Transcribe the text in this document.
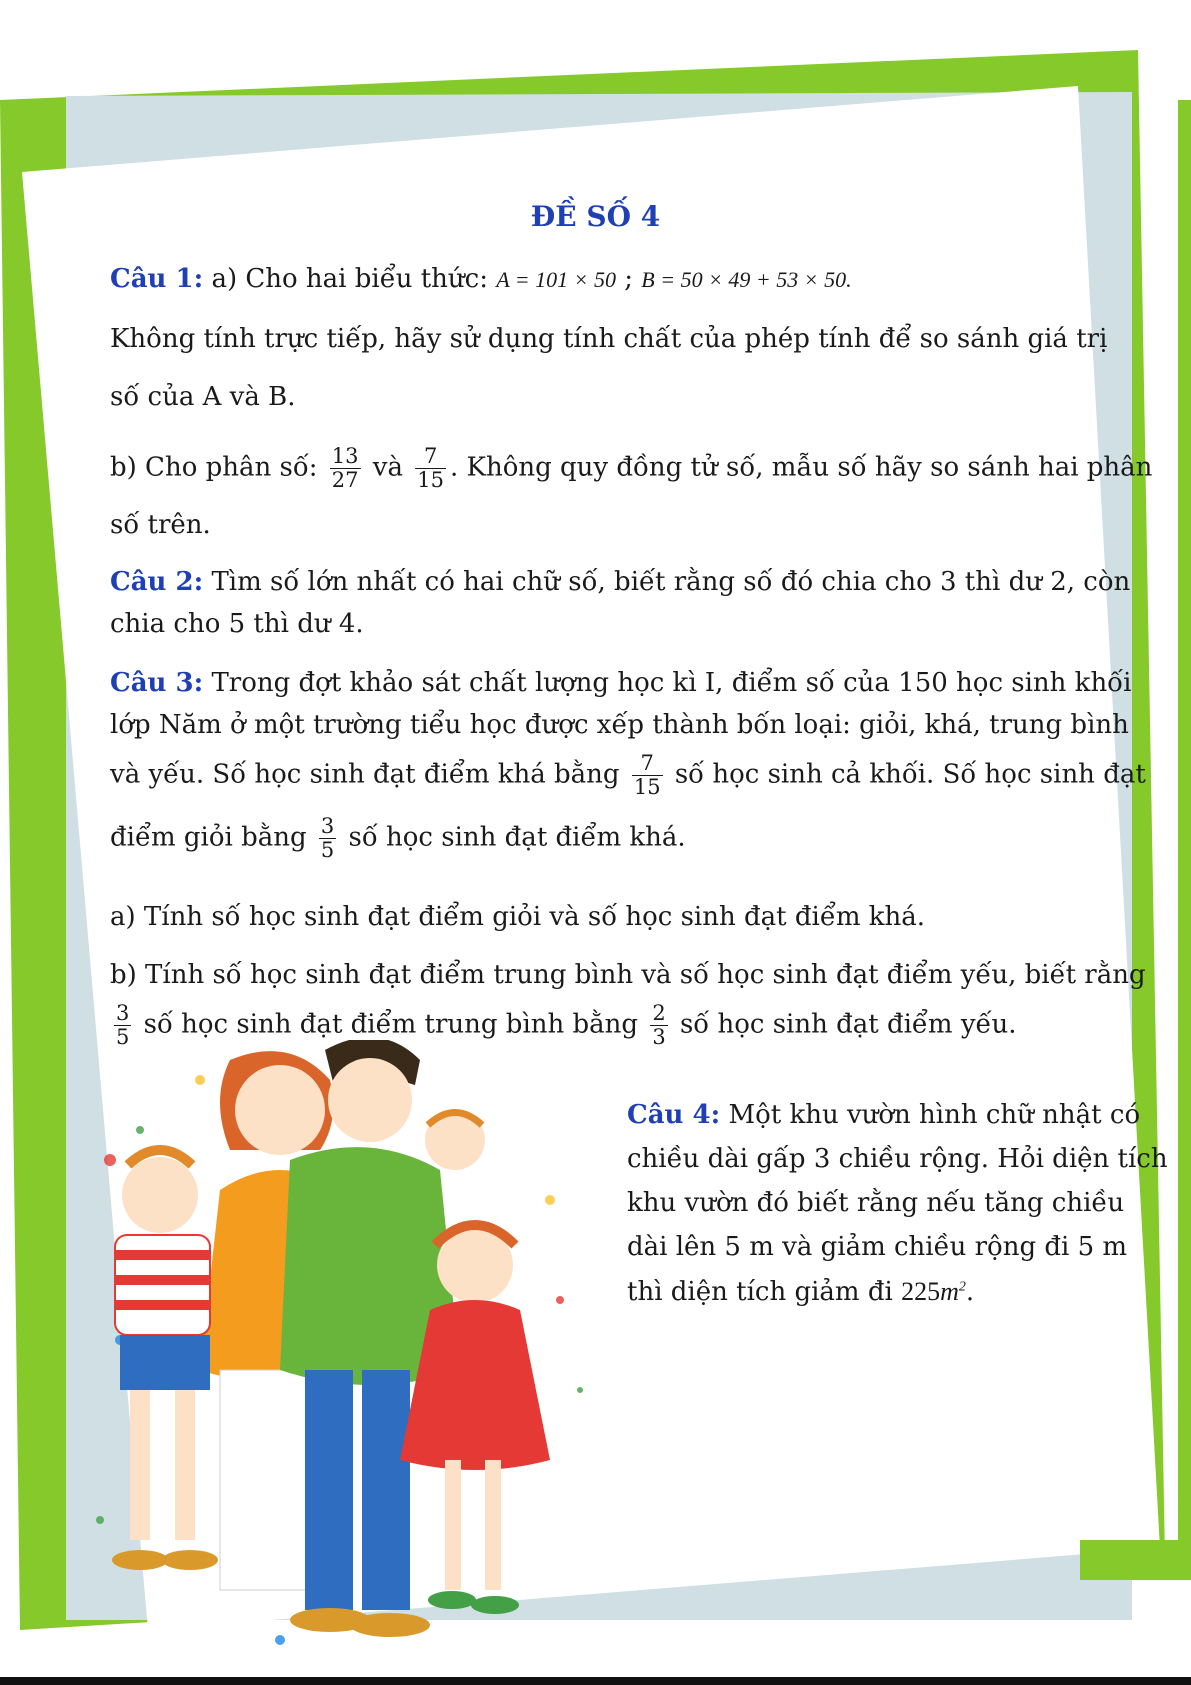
ĐỀ SỐ 4
Câu 1: a) Cho hai biểu thức: A = 101 × 50 ; B = 50 × 49 + 53 × 50.
Không tính trực tiếp, hãy sử dụng tính chất của phép tính để so sánh giá trị
số của A và B.
b) Cho phân số: $\frac{13}{27}$ và $\frac{7}{15}$ . Không quy đồng tử số, mẫu số hãy so sánh hai phân
số trên.
Câu 2: Tìm số lớn nhất có hai chữ số, biết rằng số đó chia cho 3 thì dư 2, còn
chia cho 5 thì dư 4.
Câu 3: Trong đợt khảo sát chất lượng học kì I, điểm số của 150 học sinh khối
lớp Năm ở một trường tiểu học được xếp thành bốn loại: giỏi, khá, trung bình
và yếu. Số học sinh đạt điểm khá bằng $\frac{7}{15}$ số học sinh cả khối. Số học sinh đạt
điểm giỏi bằng $\frac{3}{5}$ số học sinh đạt điểm khá.
a) Tính số học sinh đạt điểm giỏi và số học sinh đạt điểm khá.
b) Tính số học sinh đạt điểm trung bình và số học sinh đạt điểm yếu, biết rằng
$\frac{3}{5}$ số học sinh đạt điểm trung bình bằng $\frac{2}{3}$ số học sinh đạt điểm yếu.
Câu 4: Một khu vườn hình chữ nhật có
chiều dài gấp 3 chiều rộng. Hỏi diện tích
khu vườn đó biết rằng nếu tăng chiều
dài lên 5 m và giảm chiều rộng đi 5 m
thì diện tích giảm đi $225m^2$.
